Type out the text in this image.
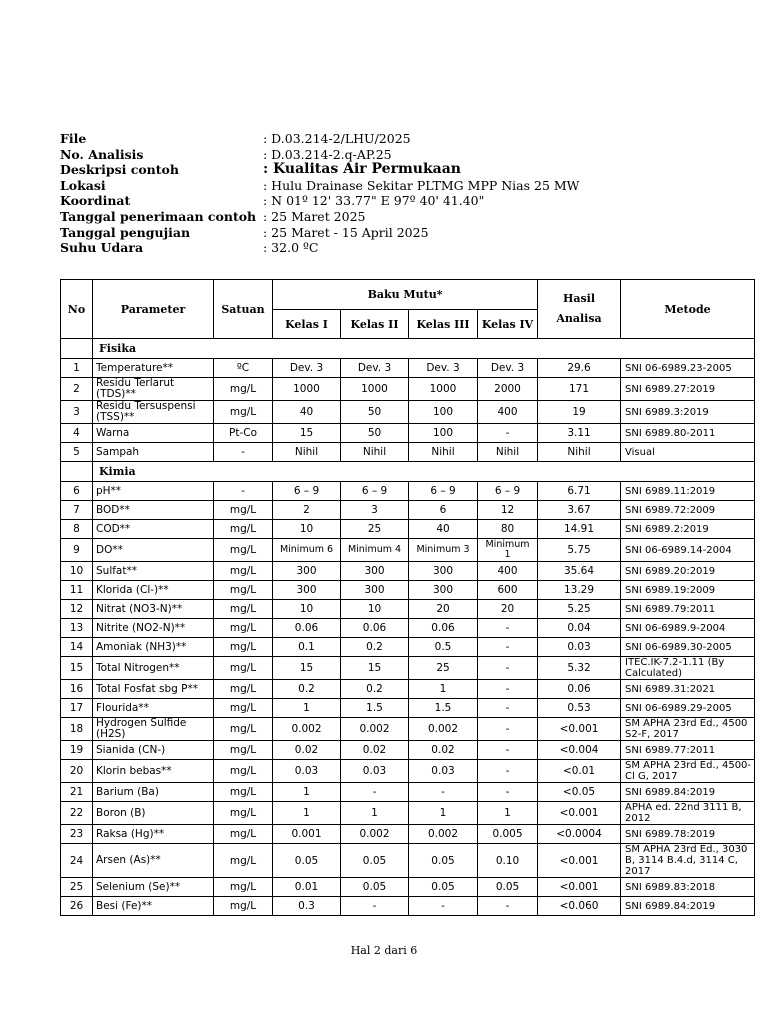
File	: D.03.214-2/LHU/2025
No. Analisis	: D.03.214-2.q-AP.25
Deskripsi contoh	: Kualitas Air Permukaan
Lokasi	: Hulu Drainase Sekitar PLTMG MPP Nias 25 MW
Koordinat	: N 01º 12' 33.77" E 97º 40' 41.40"
Tanggal penerimaan contoh : 25 Maret 2025
Tanggal pengujian	: 25 Maret - 15 April 2025
Suhu Udara	: 32.0 ºC
No	Parameter	Satuan	Baku Mutu*				Hasil Analisa	Metode
			Kelas I	Kelas II	Kelas III	Kelas IV		
	Fisika							
1	Temperature**	ºC	Dev. 3	Dev. 3	Dev. 3	Dev. 3	29.6	SNI 06-6989.23-2005
2	Residu Terlarut (TDS)**	mg/L	1000	1000	1000	2000	171	SNI 6989.27:2019
3	Residu Tersuspensi (TSS)**	mg/L	40	50	100	400	19	SNI 6989.3:2019
4	Warna	Pt-Co	15	50	100	-	3.11	SNI 6989.80-2011
5	Sampah	-	Nihil	Nihil	Nihil	Nihil	Nihil	Visual
	Kimia							
6	pH**	-	6 – 9	6 – 9	6 – 9	6 – 9	6.71	SNI 6989.11:2019
7	BOD**	mg/L	2	3	6	12	3.67	SNI 6989.72:2009
8	COD**	mg/L	10	25	40	80	14.91	SNI 6989.2:2019
9	DO**	mg/L	Minimum 6	Minimum 4	Minimum 3	Minimum 1	5.75	SNI 06-6989.14-2004
10	Sulfat**	mg/L	300	300	300	400	35.64	SNI 6989.20:2019
11	Klorida (Cl-)**	mg/L	300	300	300	600	13.29	SNI 6989.19:2009
12	Nitrat (NO3-N)**	mg/L	10	10	20	20	5.25	SNI 6989.79:2011
13	Nitrite (NO2-N)**	mg/L	0.06	0.06	0.06	-	0.04	SNI 06-6989.9-2004
14	Amoniak (NH3)**	mg/L	0.1	0.2	0.5	-	0.03	SNI 06-6989.30-2005
15	Total Nitrogen**	mg/L	15	15	25	-	5.32	ITEC.IK-7.2-1.11 (By Calculated)
16	Total Fosfat sbg P**	mg/L	0.2	0.2	1	-	0.06	SNI 6989.31:2021
17	Flourida**	mg/L	1	1.5	1.5	-	0.53	SNI 06-6989.29-2005
18	Hydrogen Sulfide (H2S)	mg/L	0.002	0.002	0.002	-	<0.001	SM APHA 23rd Ed., 4500 S2-F, 2017
19	Sianida (CN-)	mg/L	0.02	0.02	0.02	-	<0.004	SNI 6989.77:2011
20	Klorin bebas**	mg/L	0.03	0.03	0.03	-	<0.01	SM APHA 23rd Ed., 4500-Cl G, 2017
21	Barium (Ba)	mg/L	1	-	-	-	<0.05	SNI 6989.84:2019
22	Boron (B)	mg/L	1	1	1	1	<0.001	APHA ed. 22nd 3111 B, 2012
23	Raksa (Hg)**	mg/L	0.001	0.002	0.002	0.005	<0.0004	SNI 6989.78:2019
24	Arsen (As)**	mg/L	0.05	0.05	0.05	0.10	<0.001	SM APHA 23rd Ed., 3030 B, 3114 B.4.d, 3114 C, 2017
25	Selenium (Se)**	mg/L	0.01	0.05	0.05	0.05	<0.001	SNI 6989.83:2018
26	Besi (Fe)**	mg/L	0.3	-	-	-	<0.060	SNI 6989.84:2019
Hal 2 dari 6
